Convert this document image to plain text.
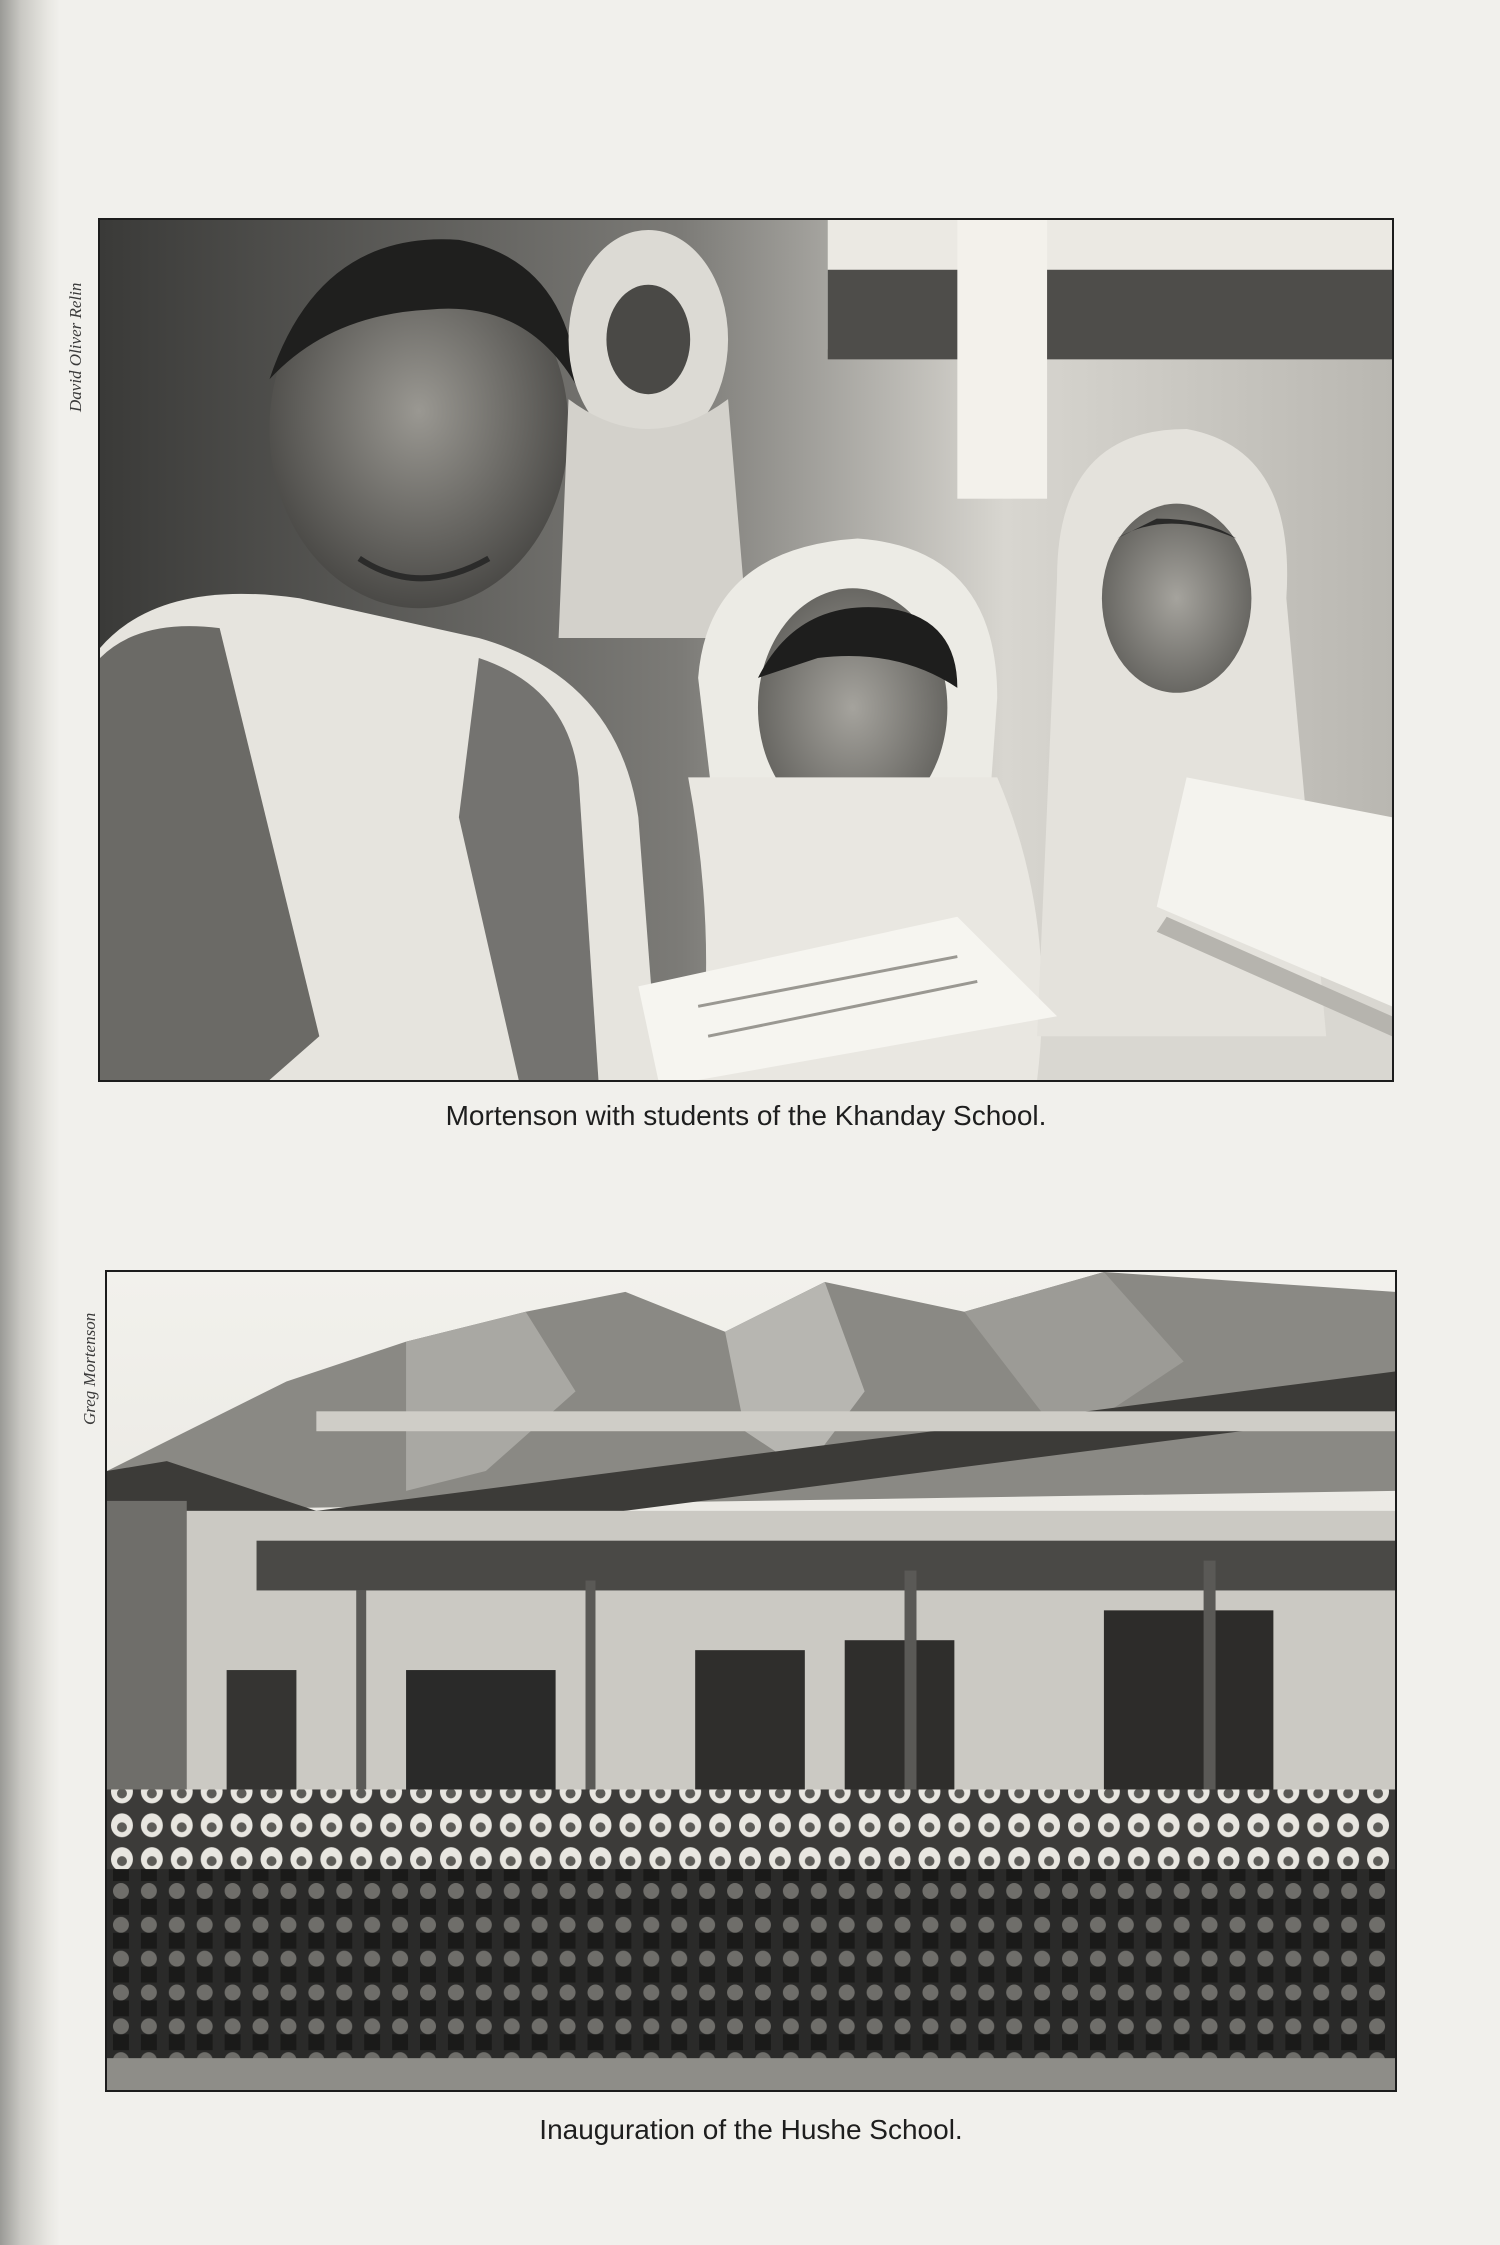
David Oliver Relin
Mortenson with students of the Khanday School.
Greg Mortenson
Inauguration of the Hushe School.
